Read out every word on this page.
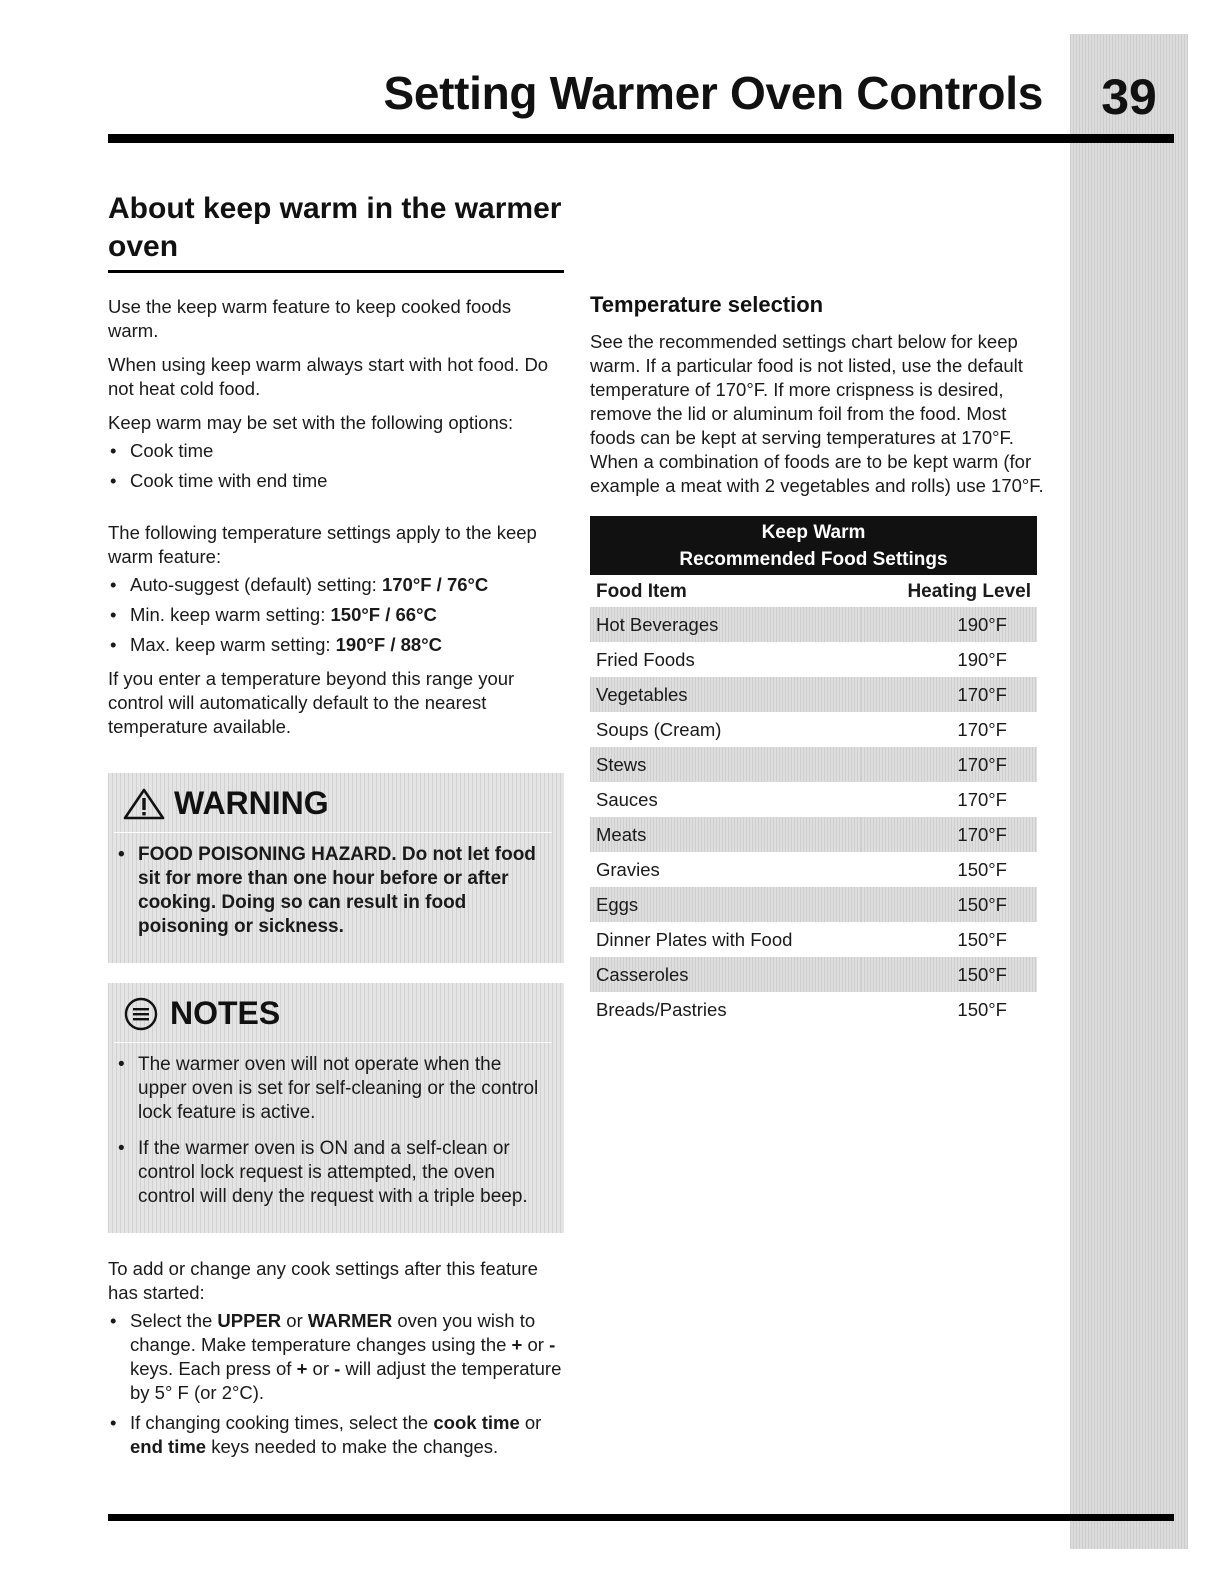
39
Setting Warmer Oven Controls
About keep warm in the warmer oven

Use the keep warm feature to keep cooked foods warm.

When using keep warm always start with hot food. Do not heat cold food.

Keep warm may be set with the following options:

• Cook time
• Cook time with end time

The following temperature settings apply to the keep warm feature:

• Auto-suggest (default) setting: 170°F / 76°C
• Min. keep warm setting: 150°F / 66°C
• Max. keep warm setting: 190°F / 88°C

If you enter a temperature beyond this range your control will automatically default to the nearest temperature available.

WARNING
• FOOD POISONING HAZARD. Do not let food sit for more than one hour before or after cooking. Doing so can result in food poisoning or sickness.
NOTES
• The warmer oven will not operate when the upper oven is set for self-cleaning or the control lock feature is active.
• If the warmer oven is ON and a self-clean or control lock request is attempted, the oven control will deny the request with a triple beep.

To add or change any cook settings after this feature has started:

• Select the UPPER or WARMER oven you wish to change. Make temperature changes using the + or - keys. Each press of + or - will adjust the temperature by 5° F (or 2°C).
• If changing cooking times, select the cook time or end time keys needed to make the changes.
Temperature selection

See the recommended settings chart below for keep warm. If a particular food is not listed, use the default temperature of 170°F. If more crispness is desired, remove the lid or aluminum foil from the food. Most foods can be kept at serving temperatures at 170°F. When a combination of foods are to be kept warm (for example a meat with 2 vegetables and rolls) use 170°F.

Keep Warm
Recommended Food Settings
Food Item	Heating Level
Hot Beverages	190°F
Fried Foods	190°F
Vegetables	170°F
Soups (Cream)	170°F
Stews	170°F
Sauces	170°F
Meats	170°F
Gravies	150°F
Eggs	150°F
Dinner Plates with Food	150°F
Casseroles	150°F
Breads/Pastries	150°F
